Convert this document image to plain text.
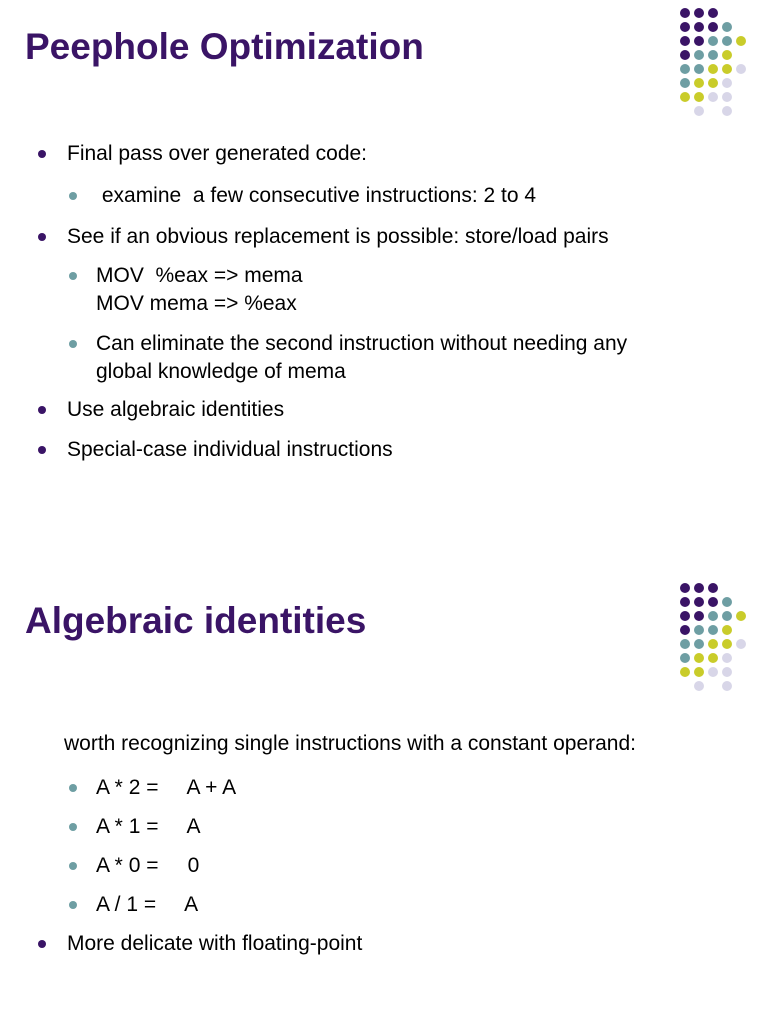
Peephole Optimization
Final pass over generated code:
examine  a few consecutive instructions: 2 to 4
See if an obvious replacement is possible: store/load pairs
MOV  %eax => mema
MOV mema => %eax
Can eliminate the second instruction without needing any
global knowledge of mema
Use algebraic identities
Special-case individual instructions
Algebraic identities
worth recognizing single instructions with a constant operand:
A * 2 =     A + A
A * 1 =     A
A * 0 =     0
A / 1 =     A
More delicate with floating-point
